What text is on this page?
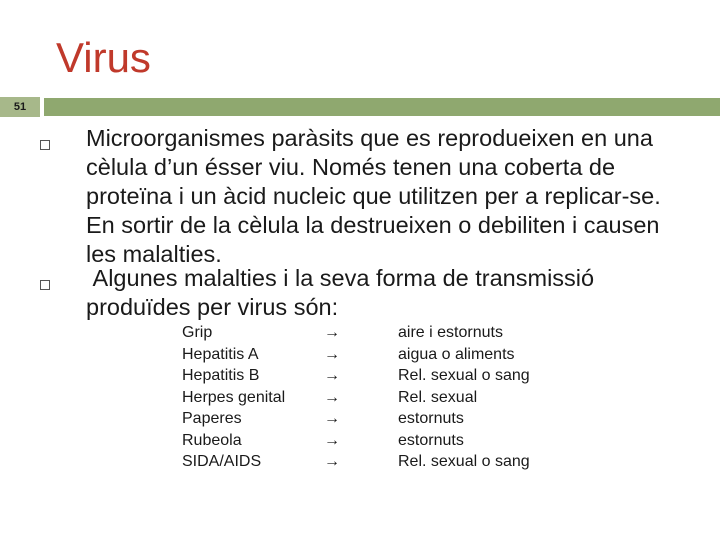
Virus
51
Microorganismes paràsits que es reprodueixen en una cèlula d’un ésser viu. Només tenen una coberta de proteïna i un àcid nucleic que utilitzen per a replicar-se. En sortir de la cèlula la destrueixen o debiliten i causen les malalties.
Algunes malalties i la seva forma de transmissió     produïdes per virus són:
Grip	→	aire i estornuts
Hepatitis A	→	aigua o aliments
Hepatitis B	→	Rel. sexual o sang
Herpes genital →	Rel. sexual
Paperes	→	estornuts
Rubeola	→	estornuts
SIDA/AIDS	→	Rel. sexual o sang
